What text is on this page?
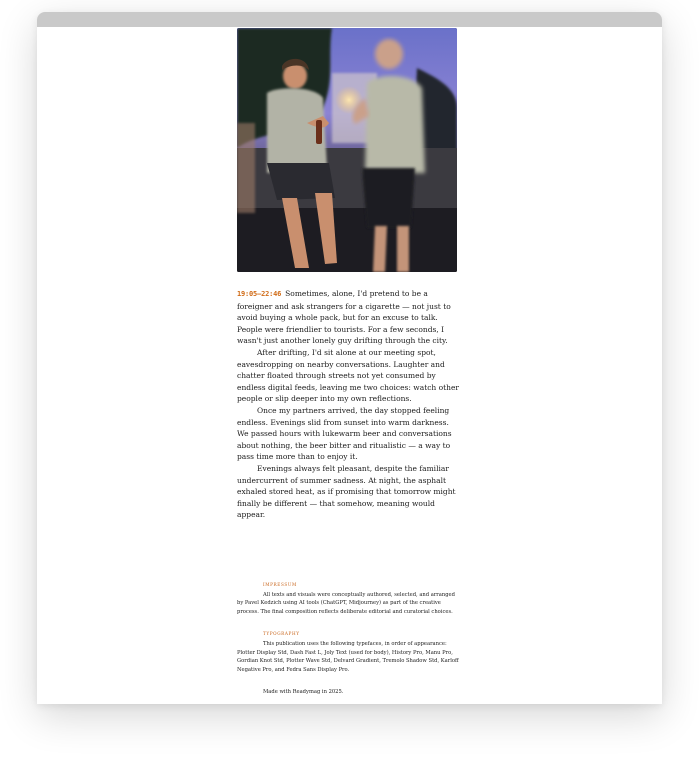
19:05–22:46 Sometimes, alone, I'd pretend to be a foreigner and ask strangers for a cigarette — not just to avoid buying a whole pack, but for an excuse to talk. People were friendlier to tourists. For a few seconds, I wasn't just another lonely guy drifting through the city.

After drifting, I'd sit alone at our meeting spot, eavesdropping on nearby conversations. Laughter and chatter floated through streets not yet consumed by endless digital feeds, leaving me two choices: watch other people or slip deeper into my own reflections.

Once my partners arrived, the day stopped feeling endless. Evenings slid from sunset into warm darkness. We passed hours with lukewarm beer and conversations about nothing, the beer bitter and ritualistic — a way to pass time more than to enjoy it.

Evenings always felt pleasant, despite the familiar undercurrent of summer sadness. At night, the asphalt exhaled stored heat, as if promising that tomorrow might finally be different — that somehow, meaning would appear.

IMPRESSUM

All texts and visuals were conceptually authored, selected, and arranged by Pavel Kedzich using AI tools (ChatGPT, Midjourney) as part of the creative process. The final composition reflects deliberate editorial and curatorial choices.

TYPOGRAPHY

This publication uses the following typefaces, in order of appearance: Plotter Display Std, Dash Fast L, Joly Text (used for body), History Pro, Manu Pro, Gordian Knot Std, Plotter Wave Std, Delvard Gradient, Tremolo Shadow Std, Karloff Negative Pro, and Fedra Sans Display Pro.

Made with Readymag in 2025.
